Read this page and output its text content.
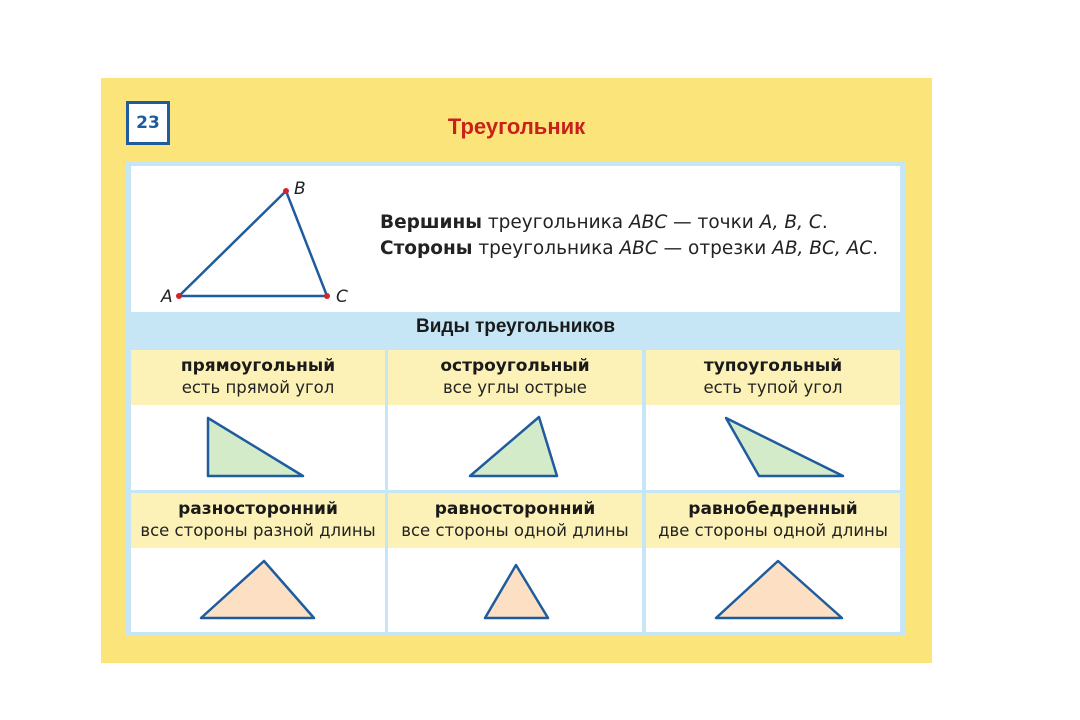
23	Треугольник
A
B
C
Вершины треугольника ABC — точки A, B, C.
Стороны треугольника ABC — отрезки AB, BC, AC.
Виды треугольников
прямоугольный
есть прямой угол
остроугольный
все углы острые
тупоугольный
есть тупой угол
разносторонний
все стороны разной длины
равносторонний
все стороны одной длины
равнобедренный
две стороны одной длины
